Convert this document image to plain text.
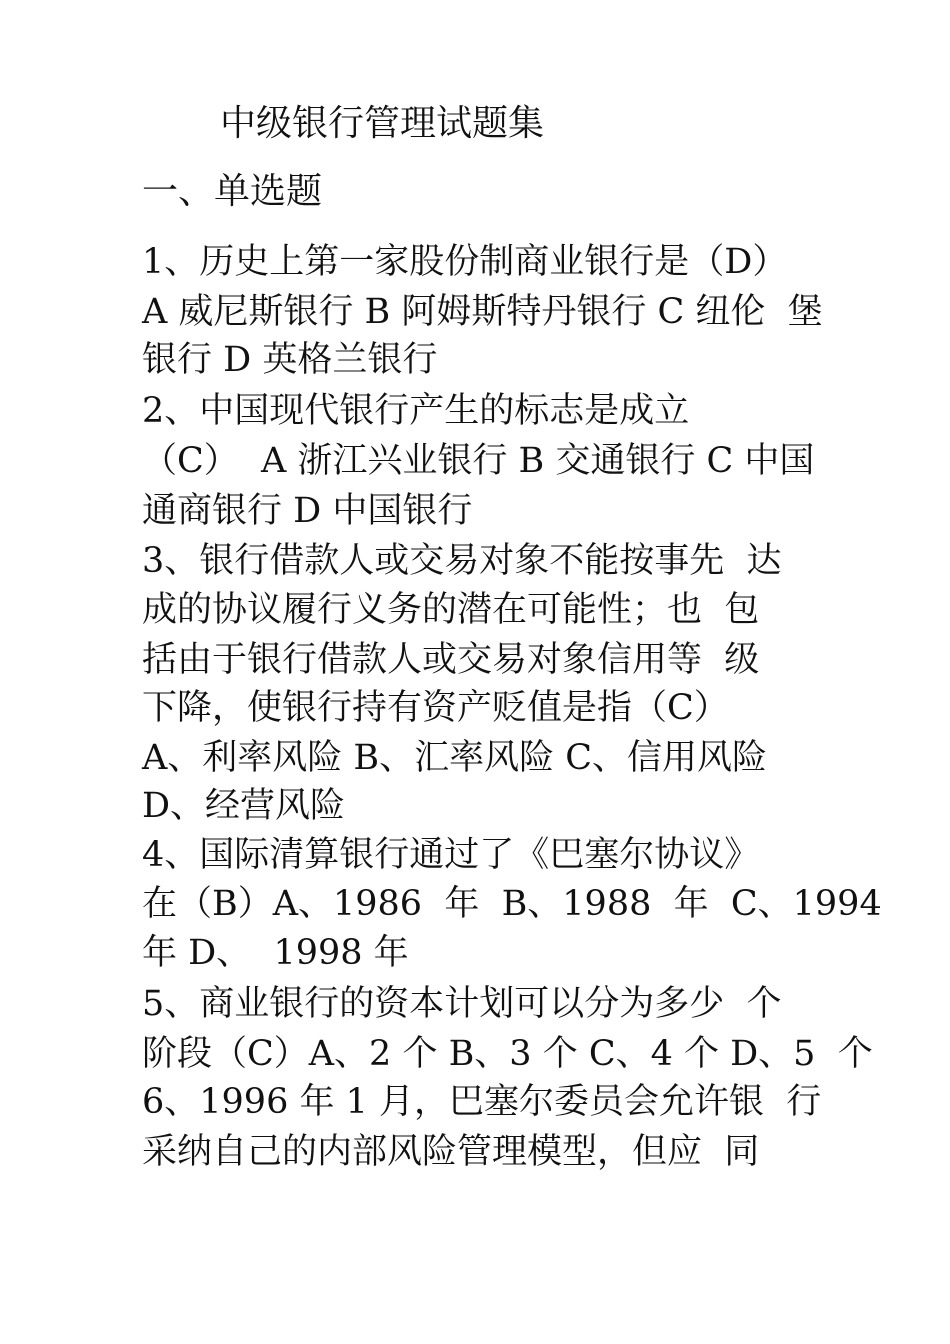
中级银行管理试题集
一、单选题
1、历史上第一家股份制商业银行是（D）
A 威尼斯银行 B 阿姆斯特丹银行 C 纽伦  堡
银行 D 英格兰银行
2、中国现代银行产生的标志是成立
（C）  A 浙江兴业银行 B 交通银行 C 中国
通商银行 D 中国银行
3、银行借款人或交易对象不能按事先  达
成的协议履行义务的潜在可能性；也  包
括由于银行借款人或交易对象信用等  级
下降，使银行持有资产贬值是指（C）
A、利率风险 B、汇率风险 C、信用风险
D、经营风险
4、国际清算银行通过了《巴塞尔协议》
在（B）A、1986  年  B、1988  年  C、1994
年 D、  1998 年
5、商业银行的资本计划可以分为多少  个
阶段（C）A、2 个 B、3 个 C、4 个 D、5  个
6、1996 年 1 月，巴塞尔委员会允许银  行
采纳自己的内部风险管理模型，但应  同
